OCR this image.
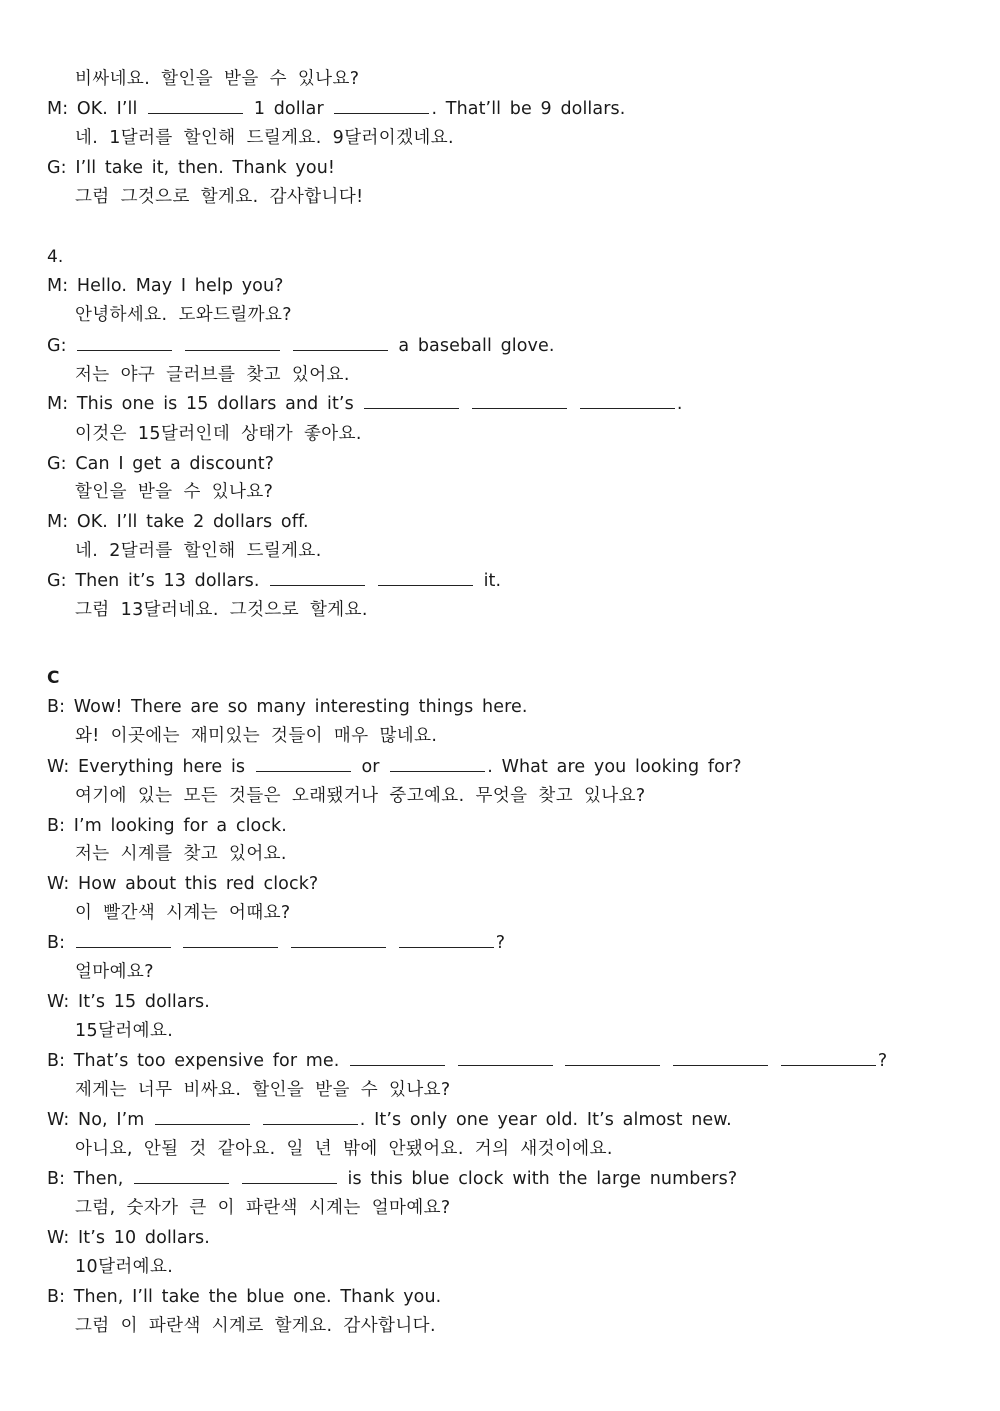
비싸네요. 할인을 받을 수 있나요?
M: OK. I’ll	1 dollar	. That’ll be 9 dollars.
네. 1달러를 할인해 드릴게요. 9달러이겠네요.
G: I’ll take it, then. Thank you!
그럼 그것으로 할게요. 감사합니다!
4.
M: Hello. May I help you?
안녕하세요. 도와드릴까요?
G:	a baseball glove.
저는 야구 글러브를 찾고 있어요.
M: This one is 15 dollars and it’s	.
이것은 15달러인데 상태가 좋아요.
G: Can I get a discount?
할인을 받을 수 있나요?
M: OK. I’ll take 2 dollars off.
네. 2달러를 할인해 드릴게요.
G: Then it’s 13 dollars.	it.
그럼 13달러네요. 그것으로 할게요.
C
B: Wow! There are so many interesting things here.
와! 이곳에는 재미있는 것들이 매우 많네요.
W: Everything here is	or	. What are you looking for?
여기에 있는 모든 것들은 오래됐거나 중고예요. 무엇을 찾고 있나요?
B: I’m looking for a clock.
저는 시계를 찾고 있어요.
W: How about this red clock?
이 빨간색 시계는 어때요?
B:	?
얼마예요?
W: It’s 15 dollars.
15달러예요.
B: That’s too expensive for me.	?
제게는 너무 비싸요. 할인을 받을 수 있나요?
W: No, I’m	. It’s only one year old. It’s almost new.
아니요, 안될 것 같아요. 일 년 밖에 안됐어요. 거의 새것이에요.
B: Then,	is this blue clock with the large numbers?
그럼, 숫자가 큰 이 파란색 시계는 얼마예요?
W: It’s 10 dollars.
10달러예요.
B: Then, I’ll take the blue one. Thank you.
그럼 이 파란색 시계로 할게요. 감사합니다.
